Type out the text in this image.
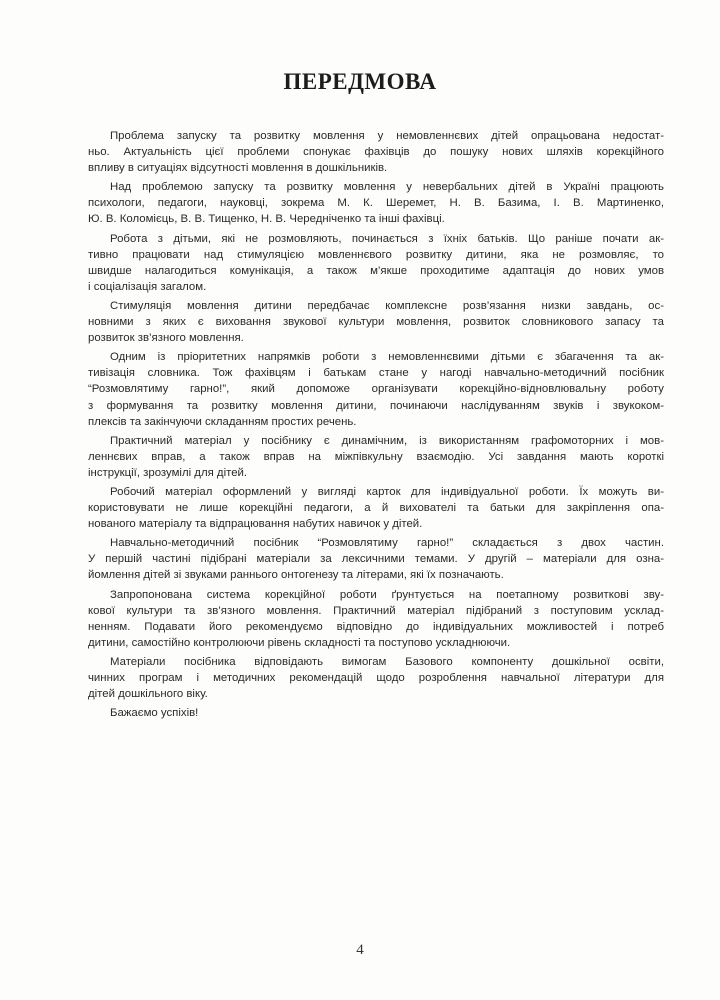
ПЕРЕДМОВА

Проблема запуску та розвитку мовлення у немовленнєвих дітей опрацьована недостат-
ньо. Актуальність цієї проблеми спонукає фахівців до пошуку нових шляхів корекційного
впливу в ситуаціях відсутності мовлення в дошкільників.

Над проблемою запуску та розвитку мовлення у невербальних дітей в Україні працюють
психологи, педагоги, науковці, зокрема М. К. Шеремет, Н. В. Базима, І. В. Мартиненко,
Ю. В. Коломієць, В. В. Тищенко, Н. В. Чередніченко та інші фахівці.

Робота з дітьми, які не розмовляють, починається з їхніх батьків. Що раніше почати ак-
тивно працювати над стимуляцією мовленнєвого розвитку дитини, яка не розмовляє, то
швидше налагодиться комунікація, а також м’якше проходитиме адаптація до нових умов
і соціалізація загалом.

Стимуляція мовлення дитини передбачає комплексне розв’язання низки завдань, ос-
новними з яких є виховання звукової культури мовлення, розвиток словникового запасу та
розвиток зв’язного мовлення.

Одним із пріоритетних напрямків роботи з немовленнєвими дітьми є збагачення та ак-
тивізація словника. Тож фахівцям і батькам стане у нагоді навчально-методичний посібник
“Розмовлятиму гарно!”, який допоможе організувати корекційно-відновлювальну роботу
з формування та розвитку мовлення дитини, починаючи наслідуванням звуків і звукоком-
плексів та закінчуючи складанням простих речень.

Практичний матеріал у посібнику є динамічним, із використанням графомоторних і мов-
леннєвих вправ, а також вправ на міжпівкульну взаємодію. Усі завдання мають короткі
інструкції, зрозумілі для дітей.

Робочий матеріал оформлений у вигляді карток для індивідуальної роботи. Їх можуть ви-
користовувати не лише корекційні педагоги, а й вихователі та батьки для закріплення опа-
нованого матеріалу та відпрацювання набутих навичок у дітей.

Навчально-методичний посібник “Розмовлятиму гарно!” складається з двох частин.
У першій частині підібрані матеріали за лексичними темами. У другій – матеріали для озна-
йомлення дітей зі звуками раннього онтогенезу та літерами, які їх позначають.

Запропонована система корекційної роботи ґрунтується на поетапному розвиткові зву-
кової культури та зв’язного мовлення. Практичний матеріал підібраний з поступовим усклад-
ненням. Подавати його рекомендуємо відповідно до індивідуальних можливостей і потреб
дитини, самостійно контролюючи рівень складності та поступово ускладнюючи.

Матеріали посібника відповідають вимогам Базового компоненту дошкільної освіти,
чинних програм і методичних рекомендацій щодо розроблення навчальної літератури для
дітей дошкільного віку.

Бажаємо успіхів!

4
